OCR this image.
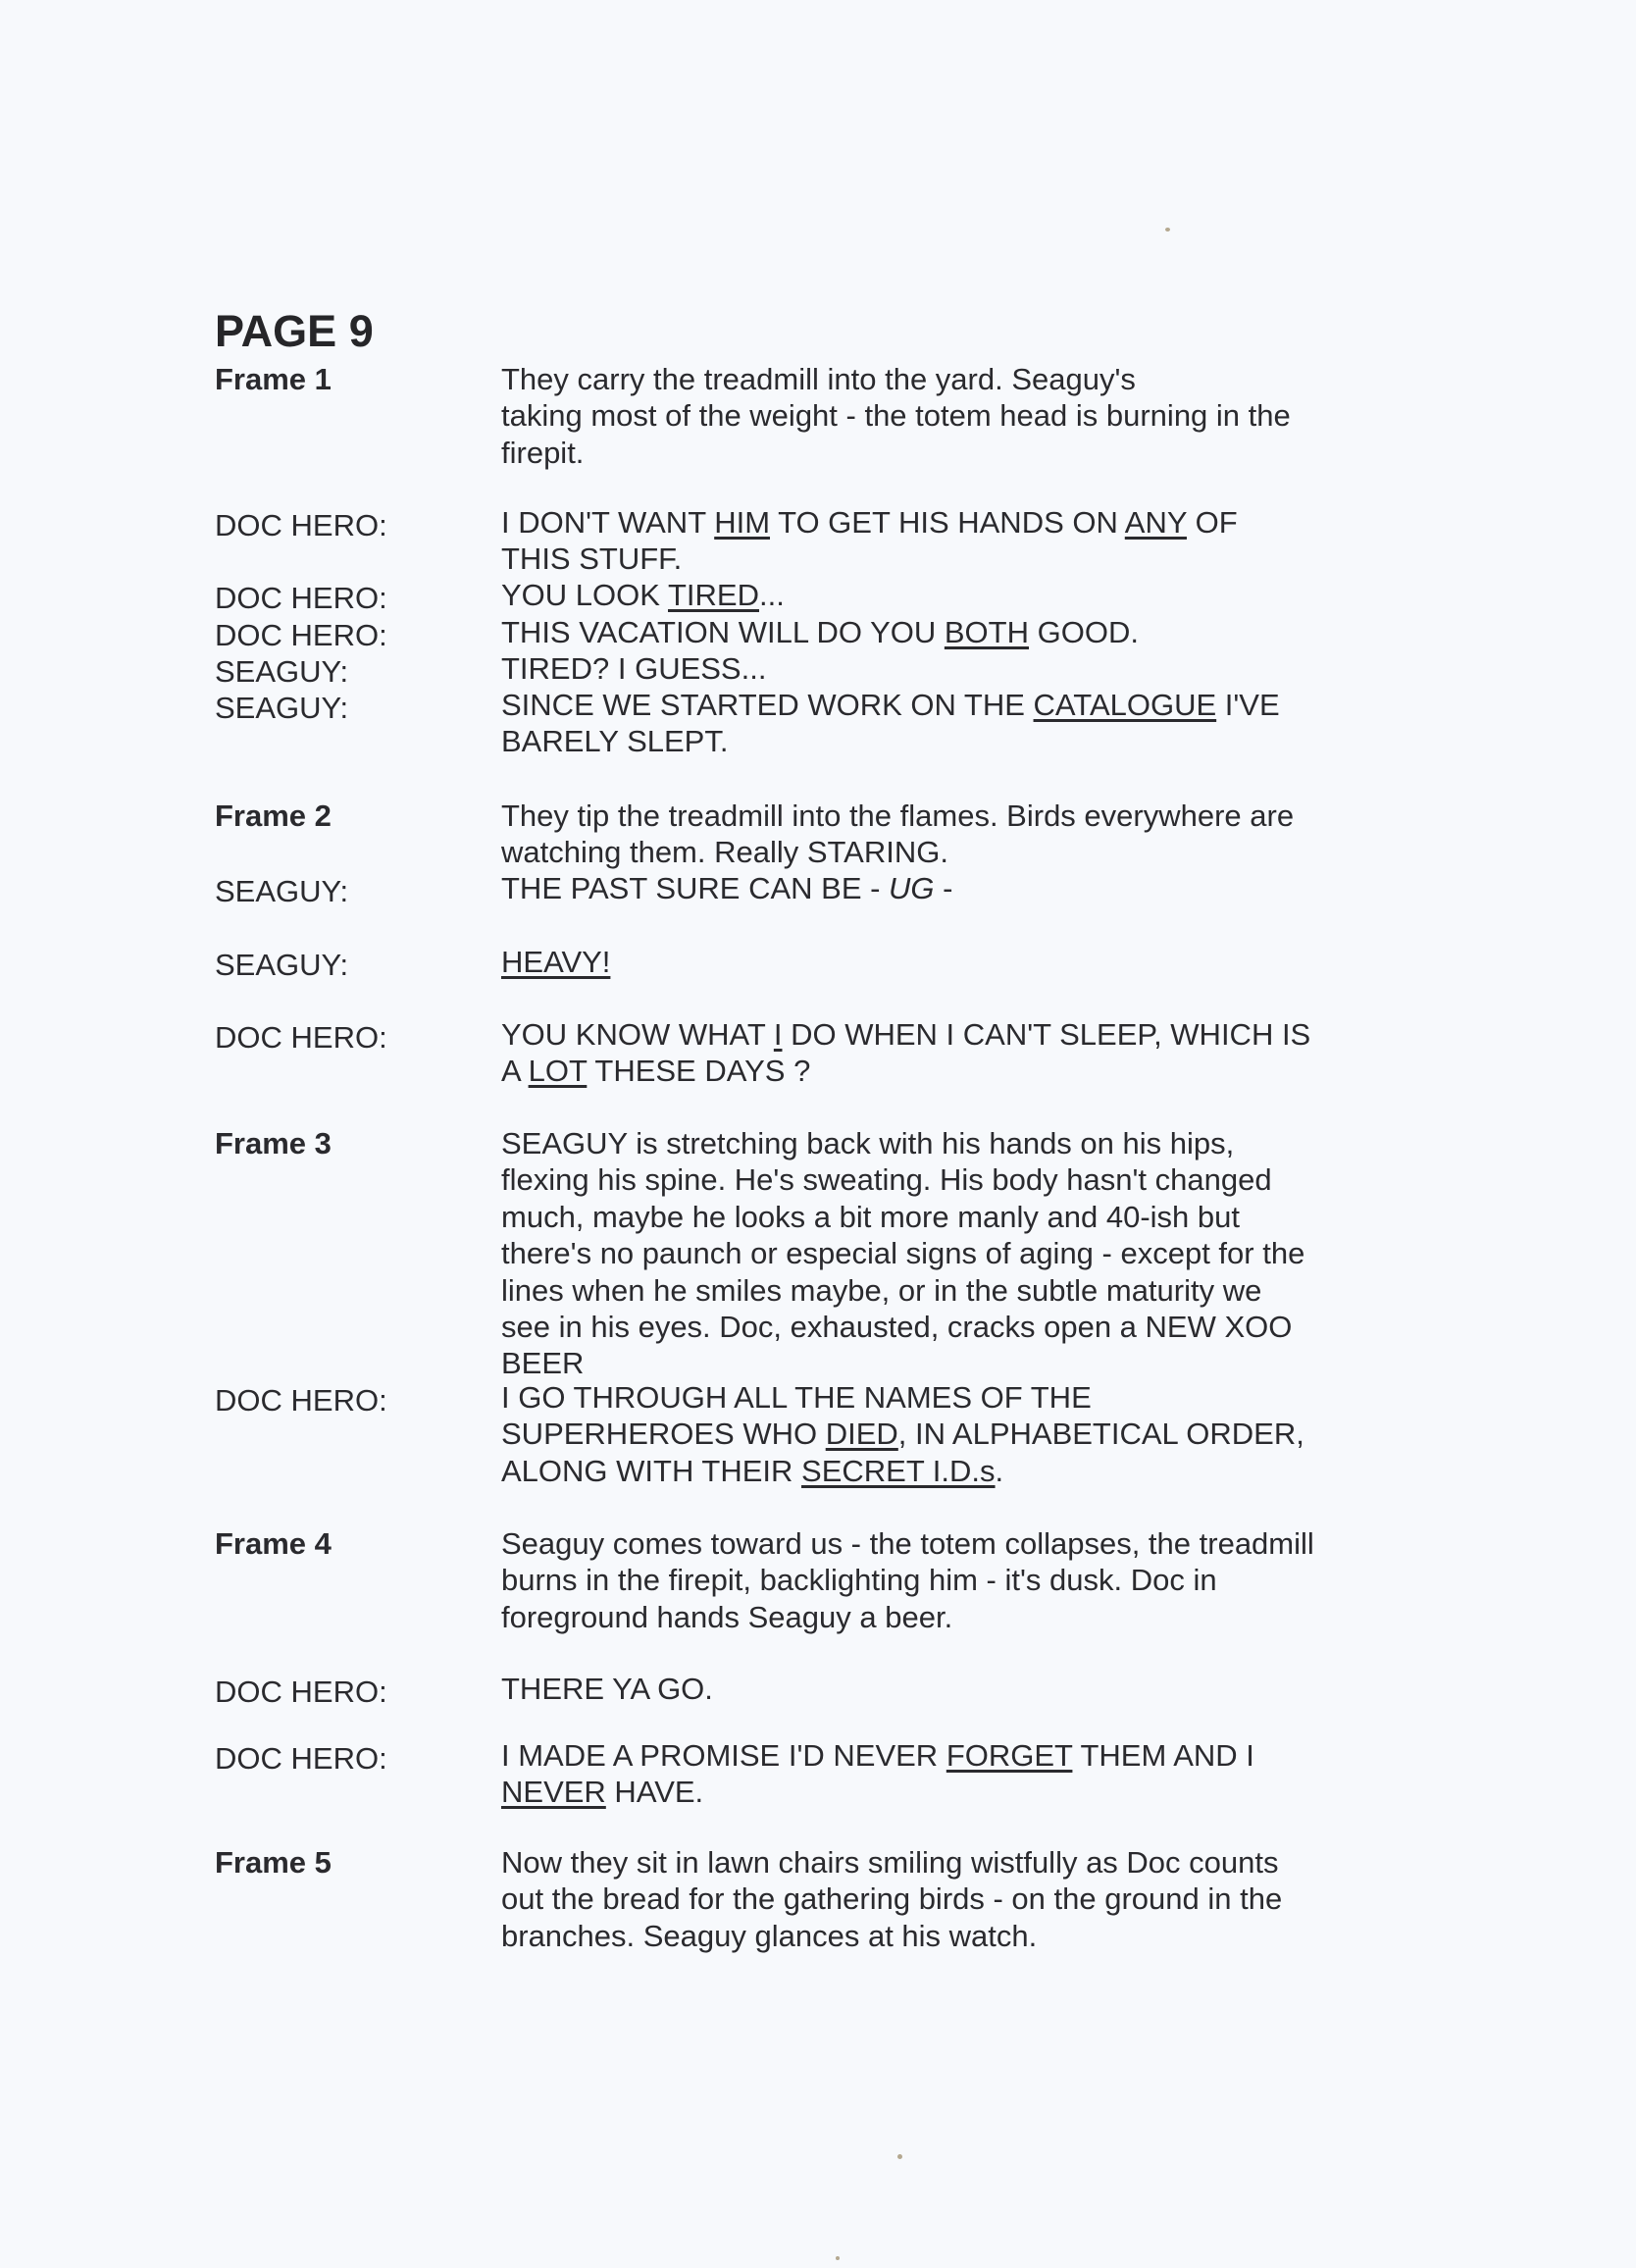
PAGE 9
Frame 1	They carry the treadmill into the yard. Seaguy's
taking most of the weight - the totem head is burning in the
firepit.
DOC HERO:	I DON'T WANT HIM TO GET HIS HANDS ON ANY OF
THIS STUFF.
DOC HERO:	YOU LOOK TIRED...
DOC HERO:	THIS VACATION WILL DO YOU BOTH GOOD.
SEAGUY:	TIRED? I GUESS...
SEAGUY:	SINCE WE STARTED WORK ON THE CATALOGUE I'VE
BARELY SLEPT.
Frame 2	They tip the treadmill into the flames. Birds everywhere are
watching them. Really STARING.
SEAGUY:	THE PAST SURE CAN BE - UG -
SEAGUY:	HEAVY!
DOC HERO:	YOU KNOW WHAT I DO WHEN I CAN'T SLEEP, WHICH IS
A LOT THESE DAYS ?
Frame 3	SEAGUY is stretching back with his hands on his hips,
flexing his spine. He's sweating. His body hasn't changed
much, maybe he looks a bit more manly and 40-ish but
there's no paunch or especial signs of aging - except for the
lines when he smiles maybe, or in the subtle maturity we
see in his eyes. Doc, exhausted, cracks open a NEW XOO
BEER
DOC HERO:	I GO THROUGH ALL THE NAMES OF THE
SUPERHEROES WHO DIED, IN ALPHABETICAL ORDER,
ALONG WITH THEIR SECRET I.D.s.
Frame 4	Seaguy comes toward us - the totem collapses, the treadmill
burns in the firepit, backlighting him - it's dusk. Doc in
foreground hands Seaguy a beer.
DOC HERO:	THERE YA GO.
DOC HERO:	I MADE A PROMISE I'D NEVER FORGET THEM AND I
NEVER HAVE.
Frame 5	Now they sit in lawn chairs smiling wistfully as Doc counts
out the bread for the gathering birds - on the ground in the
branches. Seaguy glances at his watch.
